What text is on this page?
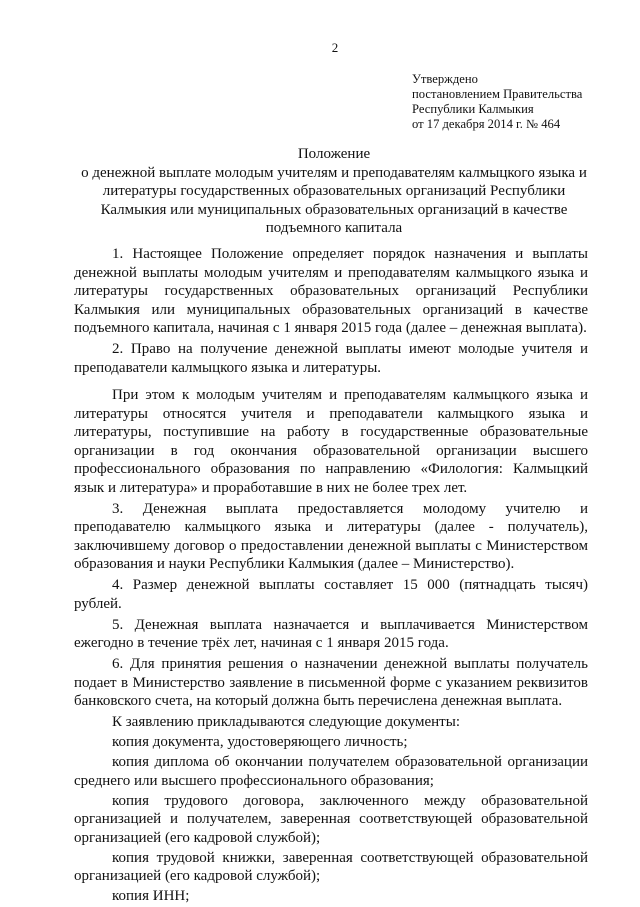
2
Утверждено
постановлением Правительства
Республики Калмыкия
от 17 декабря 2014 г. № 464
Положение
о денежной выплате молодым учителям и преподавателям калмыцкого языка и
литературы государственных образовательных организаций Республики
Калмыкия или муниципальных образовательных организаций в качестве
подъемного капитала

1. Настоящее Положение определяет порядок назначения и выплаты денежной выплаты молодым учителям и преподавателям калмыцкого языка и литературы государственных образовательных организаций Республики Калмыкия или муниципальных образовательных организаций в качестве подъемного капитала, начиная с 1 января 2015 года (далее – денежная выплата).

2. Право на получение денежной выплаты имеют молодые учителя и преподаватели калмыцкого языка и литературы.

При этом к молодым учителям и преподавателям калмыцкого языка и литературы относятся учителя и преподаватели калмыцкого языка и литературы, поступившие на работу в государственные образовательные организации в год окончания образовательной организации высшего профессионального образования по направлению «Филология: Калмыцкий язык и литература» и проработавшие в них не более трех лет.

3. Денежная выплата предоставляется молодому учителю и преподавателю калмыцкого языка и литературы (далее - получатель), заключившему договор о предоставлении денежной выплаты с Министерством образования и науки Республики Калмыкия (далее – Министерство).

4. Размер денежной выплаты составляет 15 000 (пятнадцать тысяч) рублей.

5. Денежная выплата назначается и выплачивается Министерством ежегодно в течение трёх лет, начиная с 1 января 2015 года.

6. Для принятия решения о назначении денежной выплаты получатель подает в Министерство заявление в письменной форме с указанием реквизитов банковского счета, на который должна быть перечислена денежная выплата.

К заявлению прикладываются следующие документы:

копия документа, удостоверяющего личность;

копия диплома об окончании получателем образовательной организации среднего или высшего профессионального образования;

копия трудового договора, заключенного между образовательной организацией и получателем, заверенная соответствующей образовательной организацией (его кадровой службой);

копия трудовой книжки, заверенная соответствующей образовательной организацией (его кадровой службой);

копия ИНН;
